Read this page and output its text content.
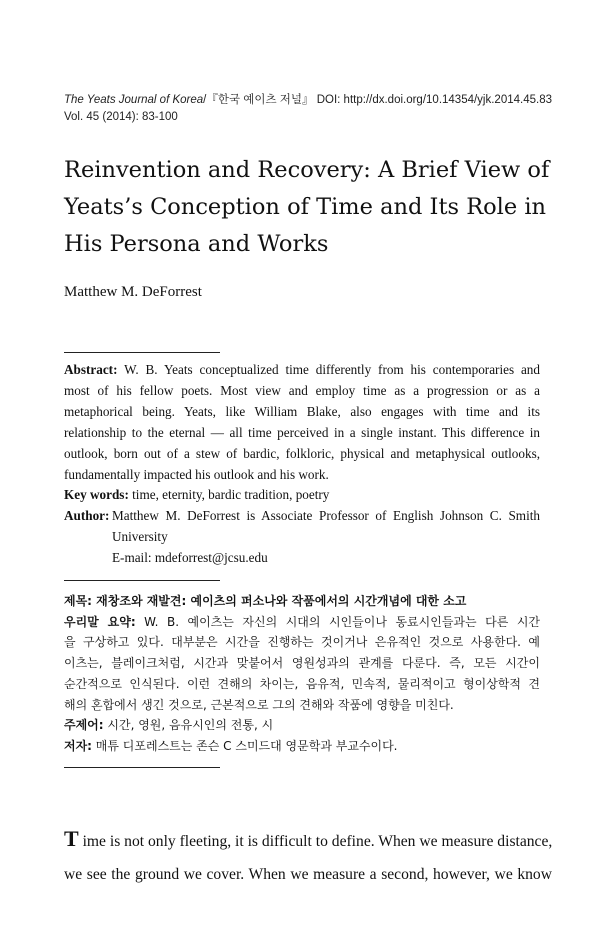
The Yeats Journal of Korea/『한국 예이츠 저널』 DOI: http://dx.doi.org/10.14354/yjk.2014.45.83
Vol. 45 (2014): 83-100
Reinvention and Recovery: A Brief View of
Yeats’s Conception of Time and Its Role in
His Persona and Works
Matthew M. DeForrest

Abstract: W. B. Yeats conceptualized time differently from his contemporaries and
most of his fellow poets. Most view and employ time as a progression or as a
metaphorical being. Yeats, like William Blake, also engages with time and its
relationship to the eternal — all time perceived in a single instant. This difference in
outlook, born out of a stew of bardic, folkloric, physical and metaphysical outlooks,
fundamentally impacted his outlook and his work.

Key words: time, eternity, bardic tradition, poetry

Author: Matthew M. DeForrest is Associate Professor of English Johnson C. Smith
University
E-mail: mdeforrest@jcsu.edu
제목: 재창조와 재발견: 예이츠의 퍼소나와 작품에서의 시간개념에 대한 소고
우리말 요약: W. B. 예이츠는 자신의 시대의 시인들이나 동료시인들과는 다른 시간
을 구상하고 있다. 대부분은 시간을 진행하는 것이거나 은유적인 것으로 사용한다. 예
이츠는, 블레이크처럼, 시간과 맞붙어서 영원성과의 관계를 다룬다. 즉, 모든 시간이
순간적으로 인식된다. 이런 견해의 차이는, 음유적, 민속적, 물리적이고 형이상학적 견
해의 혼합에서 생긴 것으로, 근본적으로 그의 견해와 작품에 영향을 미친다.
주제어: 시간, 영원, 음유시인의 전통, 시
저자: 매튜 디포레스트는 존슨 C 스미드대 영문학과 부교수이다.
T ime is not only fleeting, it is difficult to define. When we measure distance,
we see the ground we cover. When we measure a second, however, we know
